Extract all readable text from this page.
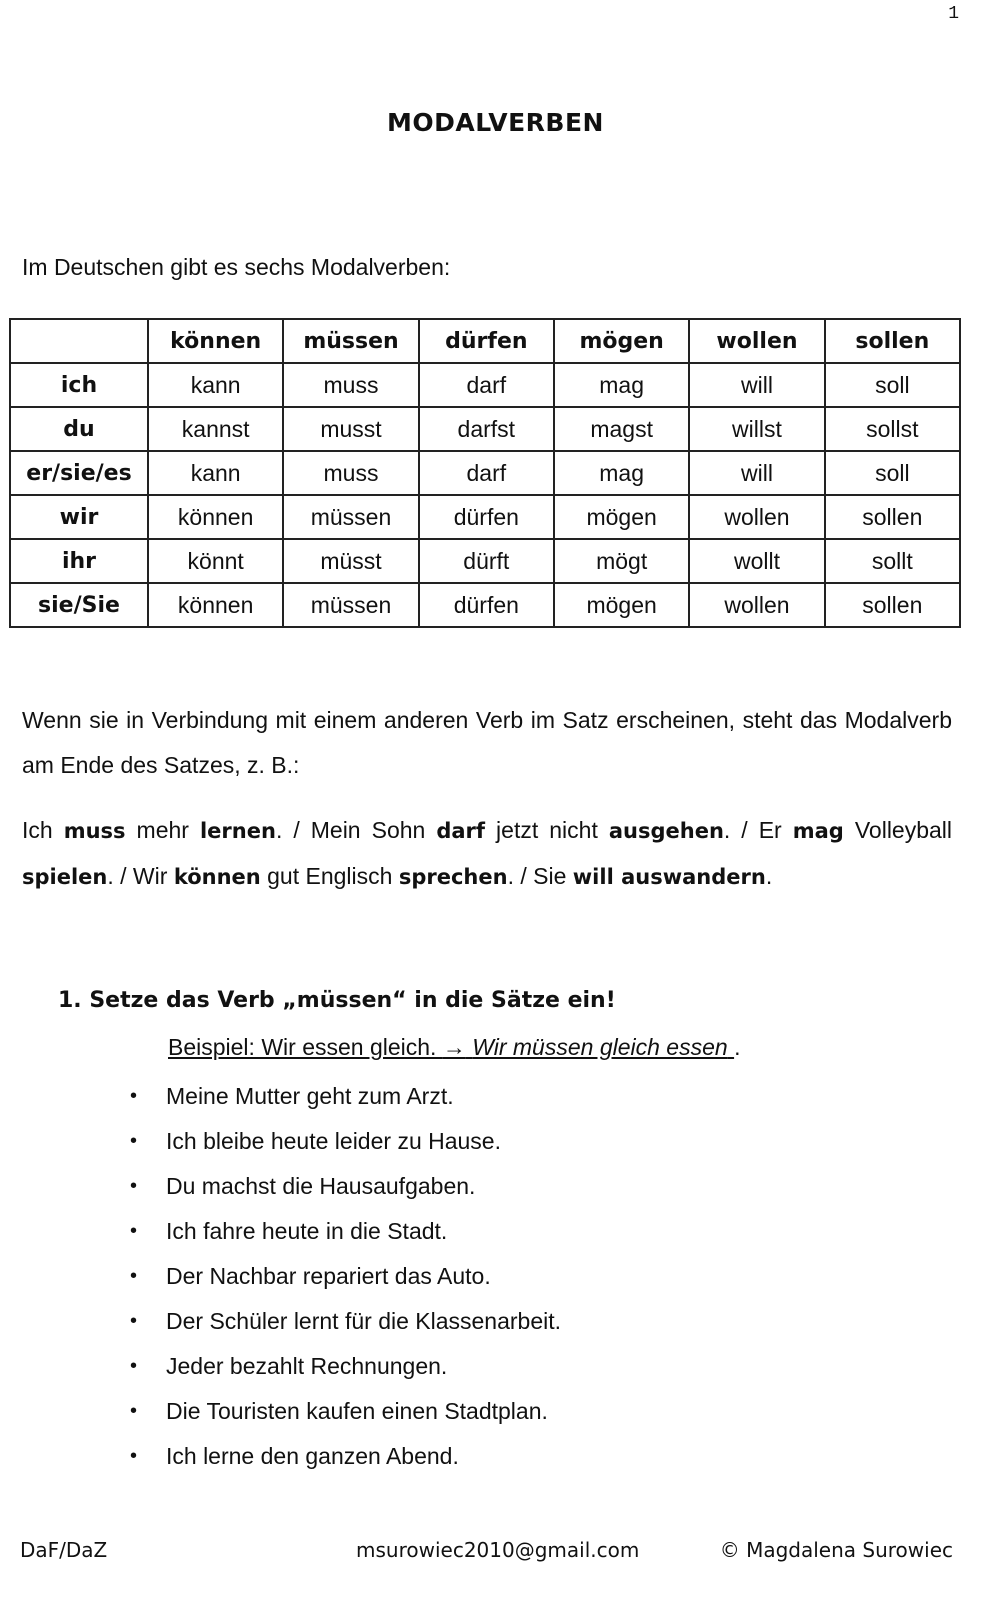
1
MODALVERBEN
Im Deutschen gibt es sechs Modalverben:
	können	müssen	dürfen	mögen	wollen	sollen
ich	kann	muss	darf	mag	will	soll
du	kannst	musst	darfst	magst	willst	sollst
er/sie/es	kann	muss	darf	mag	will	soll
wir	können	müssen	dürfen	mögen	wollen	sollen
ihr	könnt	müsst	dürft	mögt	wollt	sollt
sie/Sie	können	müssen	dürfen	mögen	wollen	sollen
Wenn sie in Verbindung mit einem anderen Verb im Satz erscheinen, steht das Modalverb am Ende des Satzes, z. B.:
Ich muss mehr lernen. / Mein Sohn darf jetzt nicht ausgehen. / Er mag Volleyball spielen. / Wir können gut Englisch sprechen. / Sie will auswandern.
1. Setze das Verb „müssen“ in die Sätze ein!
Beispiel: Wir essen gleich. → Wir müssen gleich essen .
•	Meine Mutter geht zum Arzt.
•	Ich bleibe heute leider zu Hause.
•	Du machst die Hausaufgaben.
•	Ich fahre heute in die Stadt.
•	Der Nachbar repariert das Auto.
•	Der Schüler lernt für die Klassenarbeit.
•	Jeder bezahlt Rechnungen.
•	Die Touristen kaufen einen Stadtplan.
•	Ich lerne den ganzen Abend.
DaF/DaZ	msurowiec2010@gmail.com	© Magdalena Surowiec
